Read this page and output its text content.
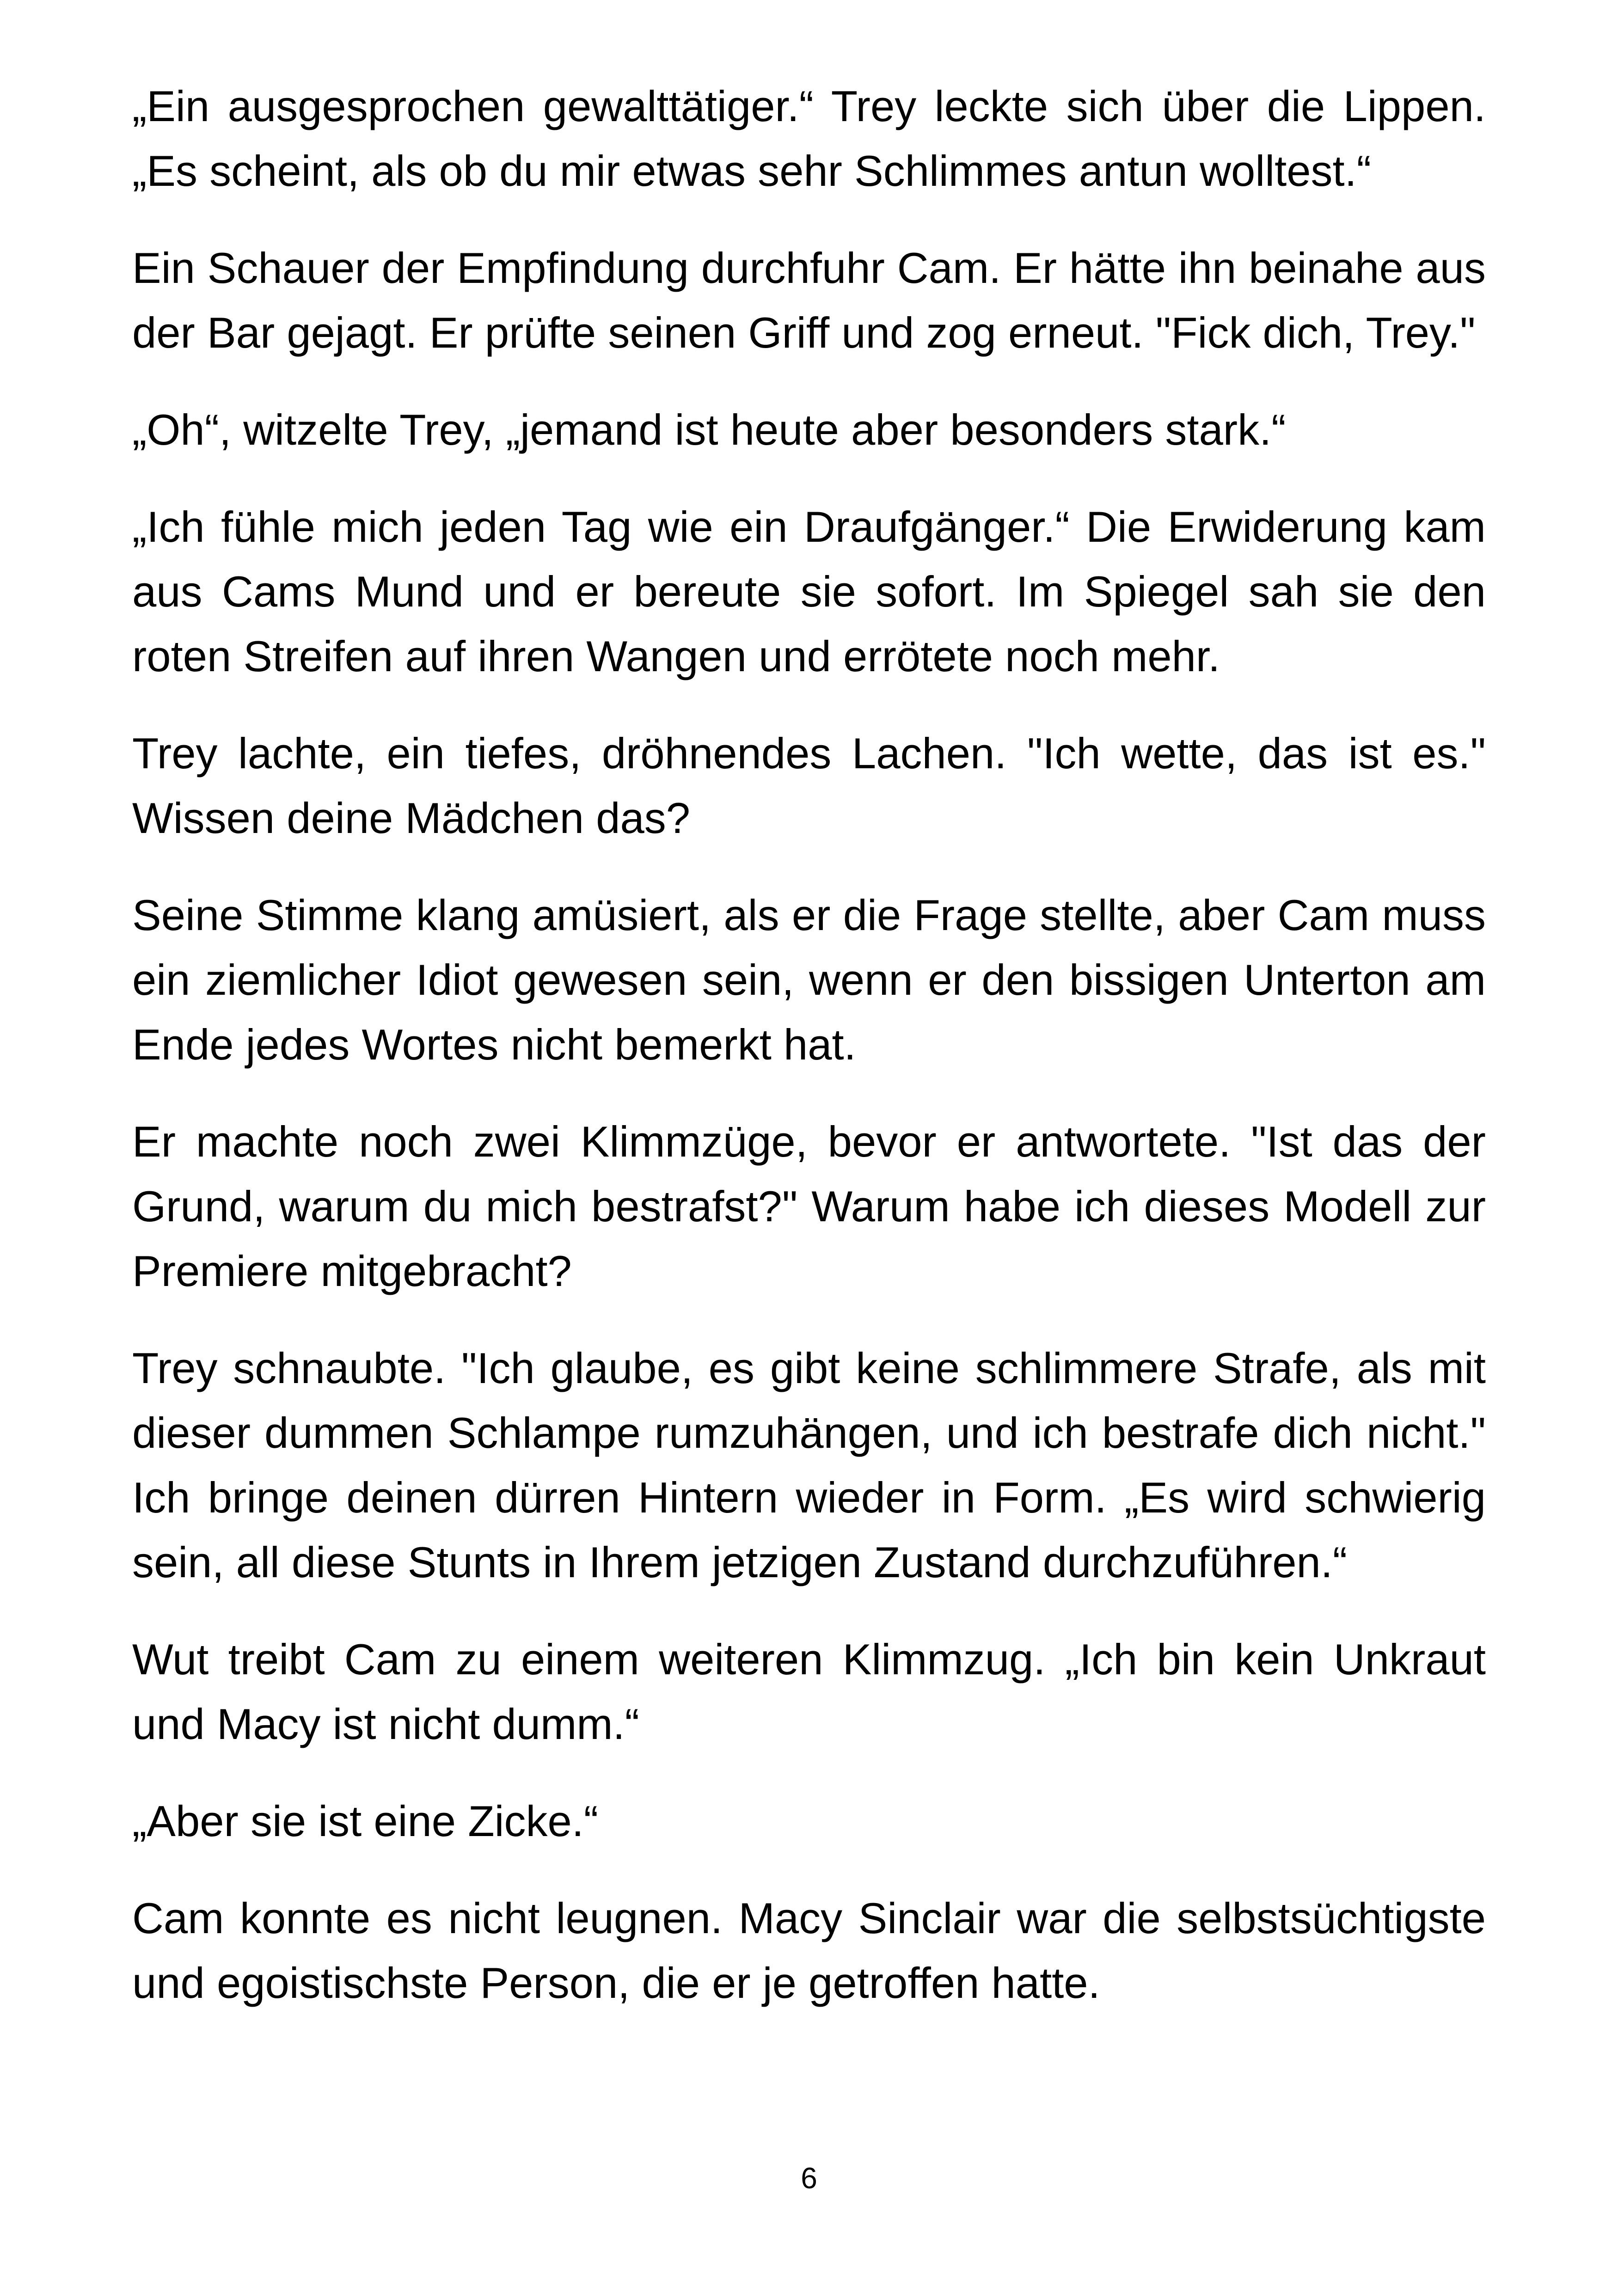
„Ein ausgesprochen gewalttätiger.“ Trey leckte sich über die Lippen. „Es scheint, als ob du mir etwas sehr Schlimmes antun wolltest.“

Ein Schauer der Empfindung durchfuhr Cam. Er hätte ihn beinahe aus der Bar gejagt. Er prüfte seinen Griff und zog erneut. "Fick dich, Trey."

„Oh“, witzelte Trey, „jemand ist heute aber besonders stark.“

„Ich fühle mich jeden Tag wie ein Draufgänger.“ Die Erwiderung kam aus Cams Mund und er bereute sie sofort. Im Spiegel sah sie den roten Streifen auf ihren Wangen und errötete noch mehr.

Trey lachte, ein tiefes, dröhnendes Lachen. "Ich wette, das ist es." Wissen deine Mädchen das?

Seine Stimme klang amüsiert, als er die Frage stellte, aber Cam muss ein ziemlicher Idiot gewesen sein, wenn er den bissigen Unterton am Ende jedes Wortes nicht bemerkt hat.

Er machte noch zwei Klimmzüge, bevor er antwortete. "Ist das der Grund, warum du mich bestrafst?" Warum habe ich dieses Modell zur Premiere mitgebracht?

Trey schnaubte. "Ich glaube, es gibt keine schlimmere Strafe, als mit dieser dummen Schlampe rumzuhängen, und ich bestrafe dich nicht." Ich bringe deinen dürren Hintern wieder in Form. „Es wird schwierig sein, all diese Stunts in Ihrem jetzigen Zustand durchzuführen.“

Wut treibt Cam zu einem weiteren Klimmzug. „Ich bin kein Unkraut und Macy ist nicht dumm.“

„Aber sie ist eine Zicke.“

Cam konnte es nicht leugnen. Macy Sinclair war die selbstsüchtigste und egoistischste Person, die er je getroffen hatte.

6
